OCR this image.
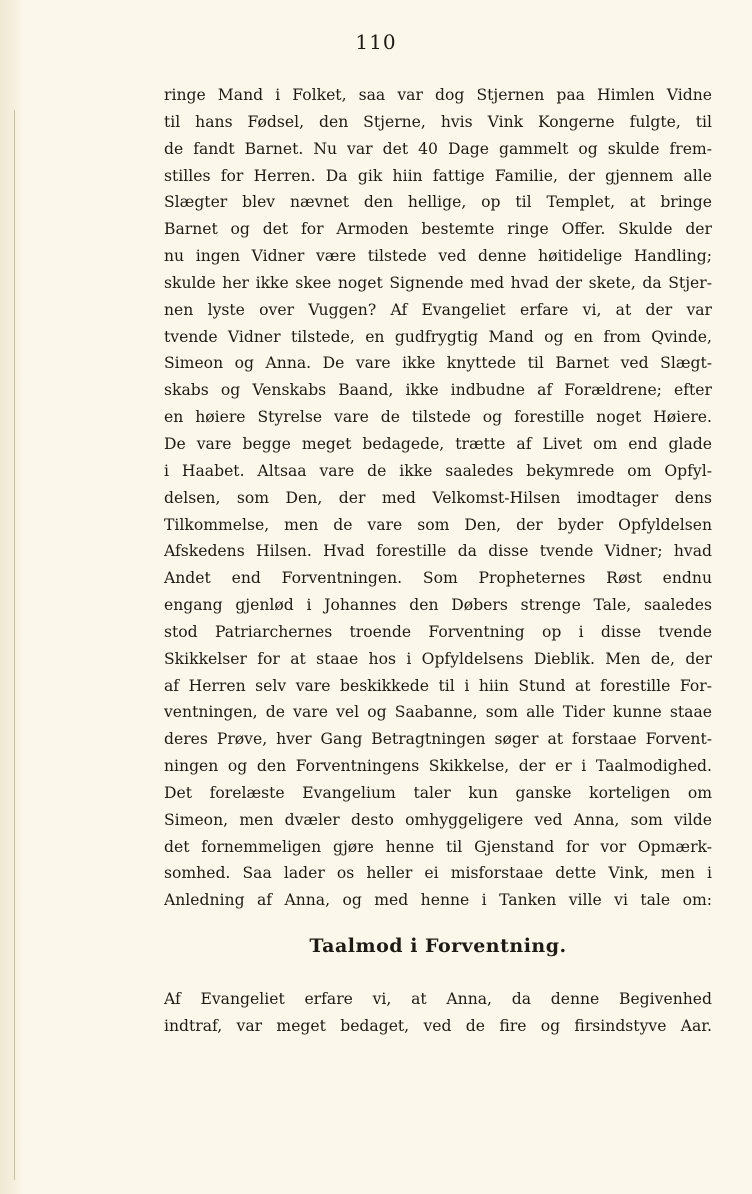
110
ringe Mand i Folket, saa var dog Stjernen paa Himlen Vidne
til hans Fødsel, den Stjerne, hvis Vink Kongerne fulgte, til
de fandt Barnet. Nu var det 40 Dage gammelt og skulde frem-
stilles for Herren. Da gik hiin fattige Familie, der gjennem alle
Slægter blev nævnet den hellige, op til Templet, at bringe
Barnet og det for Armoden bestemte ringe Offer. Skulde der
nu ingen Vidner være tilstede ved denne høitidelige Handling;
skulde her ikke skee noget Signende med hvad der skete, da Stjer-
nen lyste over Vuggen? Af Evangeliet erfare vi, at der var
tvende Vidner tilstede, en gudfrygtig Mand og en from Qvinde,
Simeon og Anna. De vare ikke knyttede til Barnet ved Slægt-
skabs og Venskabs Baand, ikke indbudne af Forældrene; efter
en høiere Styrelse vare de tilstede og forestille noget Høiere.
De vare begge meget bedagede, trætte af Livet om end glade
i Haabet. Altsaa vare de ikke saaledes bekymrede om Opfyl-
delsen, som Den, der med Velkomst-Hilsen imodtager dens
Tilkommelse, men de vare som Den, der byder Opfyldelsen
Afskedens Hilsen. Hvad forestille da disse tvende Vidner; hvad
Andet end Forventningen. Som Propheternes Røst endnu
engang gjenlød i Johannes den Døbers strenge Tale, saaledes
stod Patriarchernes troende Forventning op i disse tvende
Skikkelser for at staae hos i Opfyldelsens Dieblik. Men de, der
af Herren selv vare beskikkede til i hiin Stund at forestille For-
ventningen, de vare vel og Saabanne, som alle Tider kunne staae
deres Prøve, hver Gang Betragtningen søger at forstaae Forvent-
ningen og den Forventningens Skikkelse, der er i Taalmodighed.
Det forelæste Evangelium taler kun ganske korteligen om
Simeon, men dvæler desto omhyggeligere ved Anna, som vilde
det fornemmeligen gjøre henne til Gjenstand for vor Opmærk-
somhed. Saa lader os heller ei misforstaae dette Vink, men i
Anledning af Anna, og med henne i Tanken ville vi tale om:
Taalmod i Forventning.
Af Evangeliet erfare vi, at Anna, da denne Begivenhed
indtraf, var meget bedaget, ved de fire og firsindstyve Aar.
